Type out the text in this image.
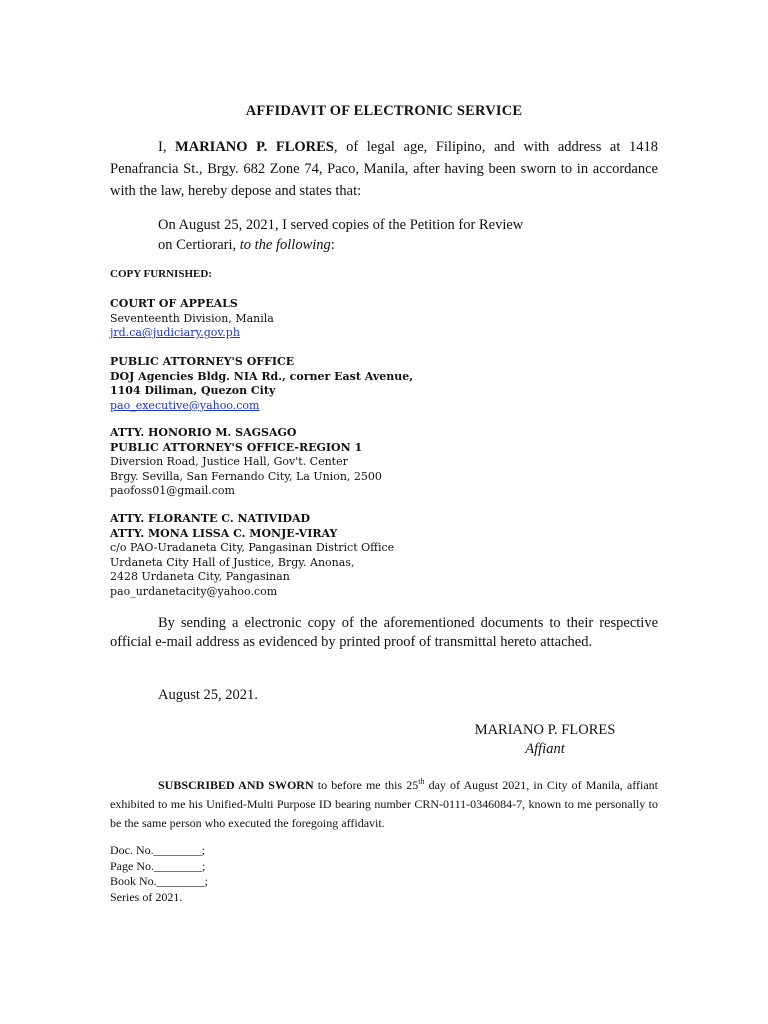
AFFIDAVIT OF ELECTRONIC SERVICE

I, MARIANO P. FLORES, of legal age, Filipino, and with address at 1418 Penafrancia St., Brgy. 682 Zone 74, Paco, Manila, after having been sworn to in accordance with the law, hereby depose and states that:

On August 25, 2021, I served copies of the Petition for Review
on Certiorari, to the following:
COPY FURNISHED:
COURT OF APPEALS
Seventeenth Division, Manila
jrd.ca@judiciary.gov.ph
PUBLIC ATTORNEY'S OFFICE
DOJ Agencies Bldg. NIA Rd., corner East Avenue,
1104 Diliman, Quezon City
pao_executive@yahoo.com
ATTY. HONORIO M. SAGSAGO
PUBLIC ATTORNEY'S OFFICE-REGION 1
Diversion Road, Justice Hall, Gov't. Center
Brgy. Sevilla, San Fernando City, La Union, 2500
paofoss01@gmail.com
ATTY. FLORANTE C. NATIVIDAD
ATTY. MONA LISSA C. MONJE-VIRAY
c/o PAO-Uradaneta City, Pangasinan District Office
Urdaneta City Hall of Justice, Brgy. Anonas,
2428 Urdaneta City, Pangasinan
pao_urdanetacity@yahoo.com

By sending a electronic copy of the aforementioned documents to their respective official e-mail address as evidenced by printed proof of transmittal hereto attached.

August 25, 2021.
MARIANO P. FLORES
Affiant

SUBSCRIBED AND SWORN to before me this 25th day of August 2021, in City of Manila, affiant exhibited to me his Unified-Multi Purpose ID bearing number CRN-0111-0346084-7, known to me personally to be the same person who executed the foregoing affidavit.

Doc. No.________;
Page No.________;
Book No.________;
Series of 2021.
